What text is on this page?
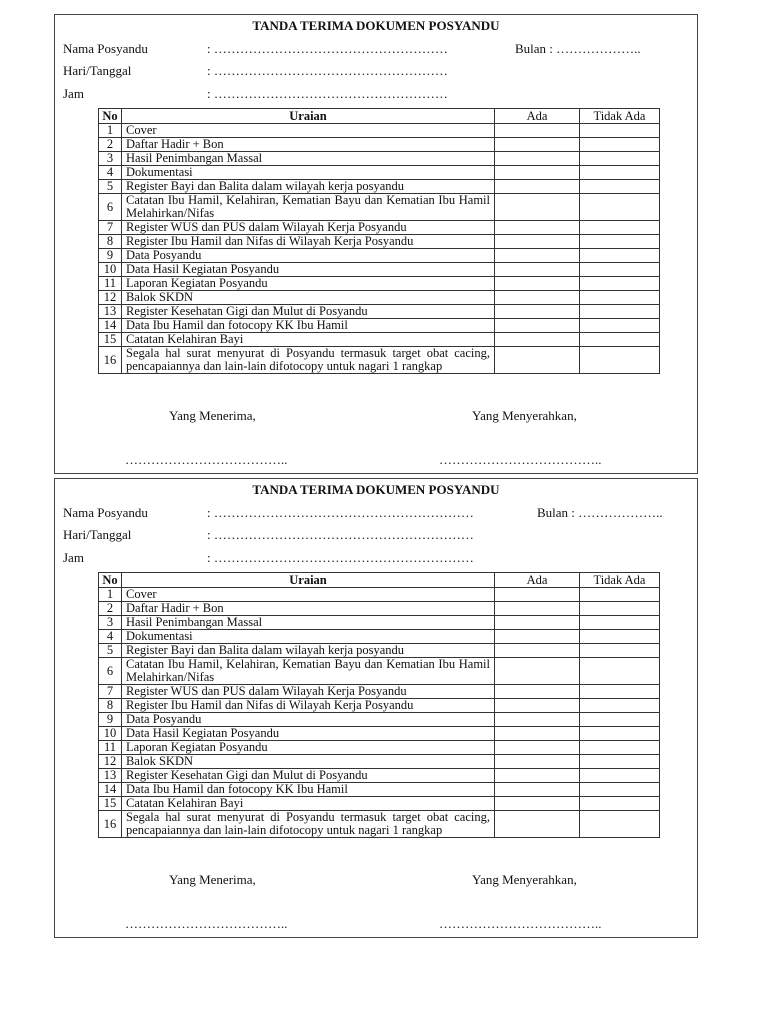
TANDA TERIMA DOKUMEN POSYANDU
Nama Posyandu	: ………………………………………………	Bulan : ………………..
Hari/Tanggal	: ………………………………………………
Jam	: ………………………………………………
No	Uraian	Ada	Tidak Ada
1	Cover		
2	Daftar Hadir + Bon		
3	Hasil Penimbangan Massal		
4	Dokumentasi		
5	Register Bayi dan Balita dalam wilayah kerja posyandu		
6	Catatan Ibu Hamil, Kelahiran, Kematian Bayu dan Kematian Ibu Hamil Melahirkan/Nifas		
7	Register WUS dan PUS dalam Wilayah Kerja Posyandu		
8	Register Ibu Hamil dan Nifas di Wilayah Kerja Posyandu		
9	Data Posyandu		
10	Data Hasil Kegiatan Posyandu		
11	Laporan Kegiatan Posyandu		
12	Balok SKDN		
13	Register Kesehatan Gigi dan Mulut di Posyandu		
14	Data Ibu Hamil dan fotocopy KK Ibu Hamil		
15	Catatan Kelahiran Bayi		
16	Segala hal surat menyurat di Posyandu termasuk target obat cacing, pencapaiannya dan lain-lain difotocopy untuk nagari 1 rangkap		
Yang Menerima,	Yang Menyerahkan,
………………………………..	………………………………..
TANDA TERIMA DOKUMEN POSYANDU
Nama Posyandu	: ……………………………………………………	Bulan : ………………..
Hari/Tanggal	: ……………………………………………………
Jam	: ……………………………………………………
No	Uraian	Ada	Tidak Ada
1	Cover		
2	Daftar Hadir + Bon		
3	Hasil Penimbangan Massal		
4	Dokumentasi		
5	Register Bayi dan Balita dalam wilayah kerja posyandu		
6	Catatan Ibu Hamil, Kelahiran, Kematian Bayu dan Kematian Ibu Hamil Melahirkan/Nifas		
7	Register WUS dan PUS dalam Wilayah Kerja Posyandu		
8	Register Ibu Hamil dan Nifas di Wilayah Kerja Posyandu		
9	Data Posyandu		
10	Data Hasil Kegiatan Posyandu		
11	Laporan Kegiatan Posyandu		
12	Balok SKDN		
13	Register Kesehatan Gigi dan Mulut di Posyandu		
14	Data Ibu Hamil dan fotocopy KK Ibu Hamil		
15	Catatan Kelahiran Bayi		
16	Segala hal surat menyurat di Posyandu termasuk target obat cacing, pencapaiannya dan lain-lain difotocopy untuk nagari 1 rangkap		
Yang Menerima,	Yang Menyerahkan,
………………………………..	………………………………..
